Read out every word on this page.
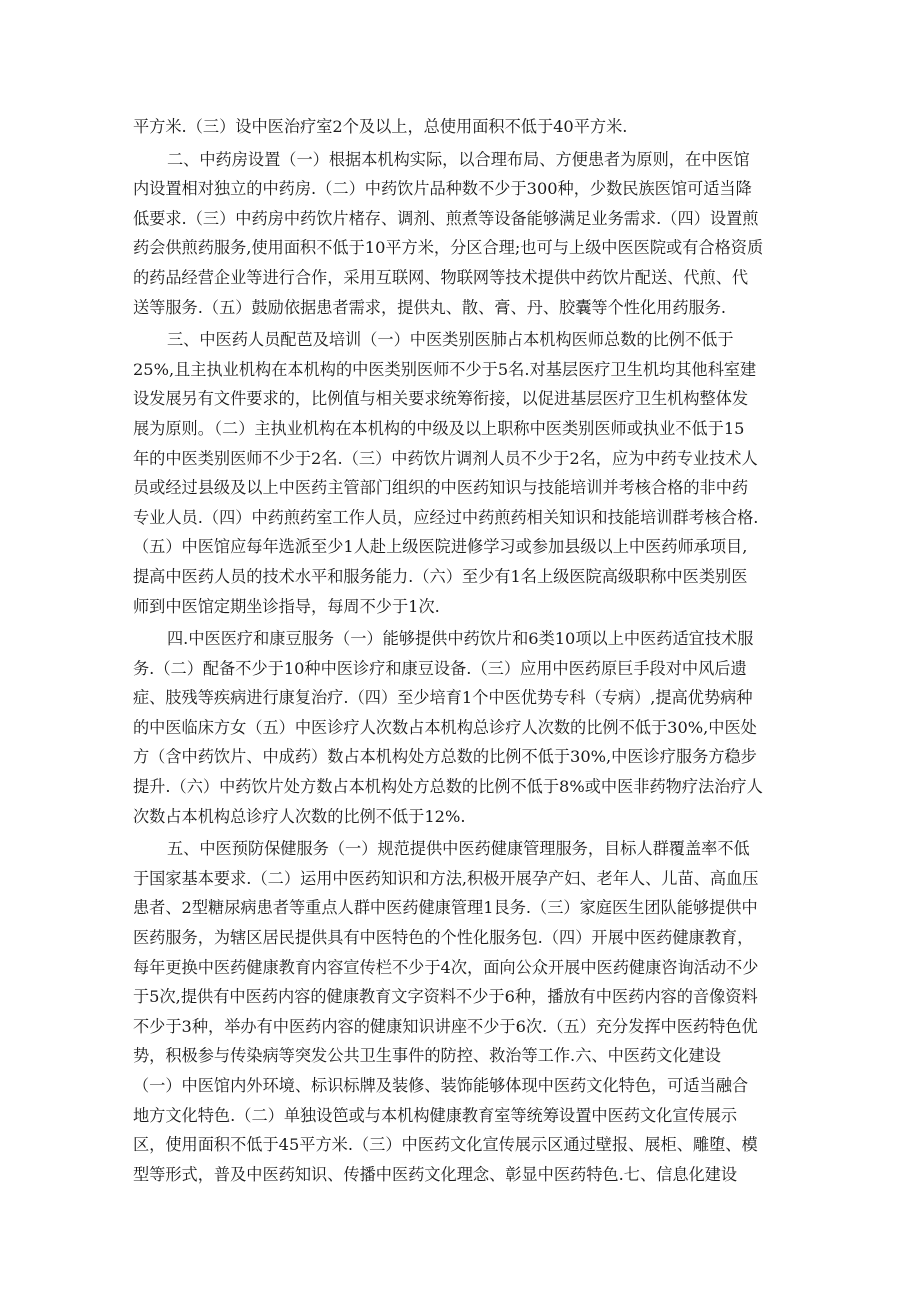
平方米.（三）设中医治疗室2个及以上，总使用面积不低于40平方米.
二、中药房设置（一）根据本机构实际，以合理布局、方便患者为原则，在中医馆
内设置相对独立的中药房.（二）中药饮片品种数不少于300种，少数民族医馆可适当降
低要求.（三）中药房中药饮片楮存、调剂、煎煮等设备能够满足业务需求.（四）设置煎
药会供煎药服务,使用面积不低于10平方米，分区合理;也可与上级中医医院或有合格资质
的药品经营企业等进行合作，采用互联网、物联网等技术提供中药饮片配送、代煎、代
送等服务.（五）鼓励依据患者需求，提供丸、散、膏、丹、胶囊等个性化用药服务.
三、中医药人员配芭及培训（一）中医类别医肺占本机构医师总数的比例不低于
25%,且主执业机构在本机构的中医类别医师不少于5名.对基层医疗卫生机均其他科室建
设发展另有文件要求的，比例值与相关要求统筹衔接，以促进基层医疗卫生机构整体发
展为原则。（二）主执业机构在本机构的中级及以上职称中医类别医师或执业不低于15
年的中医类别医师不少于2名.（三）中药饮片调剂人员不少于2名，应为中药专业技术人
员或经过县级及以上中医药主管部门组织的中医药知识与技能培训并考核合格的非中药
专业人员.（四）中药煎药室工作人员，应经过中药煎药相关知识和技能培训群考核合格.
（五）中医馆应每年选派至少1人赴上级医院进修学习或参加县级以上中医药师承项目,
提高中医药人员的技术水平和服务能力.（六）至少有1名上级医院高级职称中医类别医
师到中医馆定期坐诊指导，每周不少于1次.
四.中医医疗和康豆服务（一）能够提供中药饮片和6类10项以上中医药适宜技术服
务.（二）配备不少于10种中医诊疗和康豆设备.（三）应用中医药原巨手段对中风后遗
症、肢残等疾病进行康复治疗.（四）至少培育1个中医优势专科（专病）,提高优势病种
的中医临床方女（五）中医诊疗人次数占本机构总诊疗人次数的比例不低于30%,中医处
方（含中药饮片、中成药）数占本机构处方总数的比例不低于30%,中医诊疗服务方稳步
提升.（六）中药饮片处方数占本机构处方总数的比例不低于8%或中医非药物疗法治疗人
次数占本机构总诊疗人次数的比例不低于12%.
五、中医预防保健服务（一）规范提供中医药健康管理服务，目标人群覆盖率不低
于国家基本要求.（二）运用中医药知识和方法,积极开展孕产妇、老年人、儿苗、高血压
患者、2型糖尿病患者等重点人群中医药健康管理1艮务.（三）家庭医生团队能够提供中
医药服务，为辖区居民提供具有中医特色的个性化服务包.（四）开展中医药健康教育，
每年更换中医药健康教育内容宣传栏不少于4次，面向公众开展中医药健康咨询活动不少
于5次,提供有中医药内容的健康教育文字资料不少于6种，播放有中医药内容的音像资料
不少于3种，举办有中医药内容的健康知识讲座不少于6次.（五）充分发挥中医药特色优
势，积极参与传染病等突发公共卫生事件的防控、救治等工作.六、中医药文化建设
（一）中医馆内外环境、标识标牌及装修、装饰能够体现中医药文化特色，可适当融合
地方文化特色.（二）单独设笆或与本机构健康教育室等统筹设置中医药文化宣传展示
区，使用面积不低于45平方米.（三）中医药文化宣传展示区通过壁报、展柜、雕堕、模
型等形式，普及中医药知识、传播中医药文化理念、彰显中医药特色.七、信息化建设
